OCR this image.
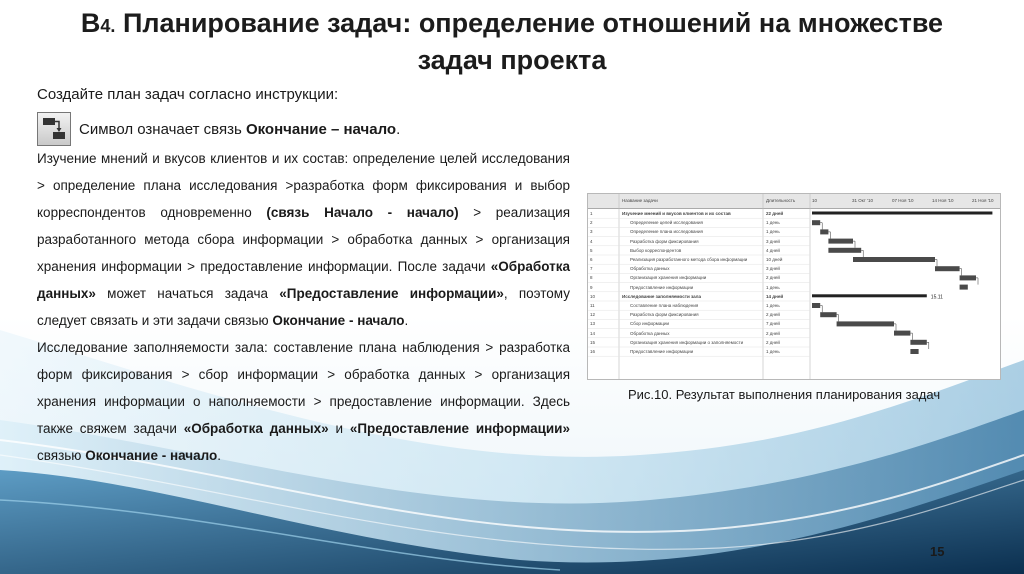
В4. Планирование задач: определение отношений на множестве задач проекта
Создайте план задач согласно инструкции:
Символ означает связь Окончание – начало.

Изучение мнений и вкусов клиентов и их состав: определение целей исследования > определение плана исследования >разработка форм фиксирования и выбор корреспондентов одновременно (связь Начало - начало) > реализация разработанного метода сбора информации > обработка данных > организация хранения информации > предоставление информации. После задачи «Обработка данных» может начаться задача «Предоставление информации», поэтому следует связать и эти задачи связью Окончание - начало.

Исследование заполняемости зала: составление плана наблюдения > разработка форм фиксирования > сбор информации > обработка данных > организация хранения информации о наполняемости > предоставление информации. Здесь также свяжем задачи «Обработка данных» и «Предоставление информации» связью Окончание - начало.

15.11
Название задачи	Длительность	10	31 Окт '10	07 Ноя '10	14 Ноя '10	21 Ноя '10
1	Изучение мнений и вкусов клиентов и их состав	22 дней
2	Определение целей исследования	1 день
3	Определение плана исследования	1 день
4	Разработка форм фиксирования	3 дней
5	Выбор корреспондентов	4 дней
6	Реализация разработанного метода сбора информации	10 дней
7	Обработка данных	3 дней
8	Организация хранения информации	2 дней
9	Предоставление информации	1 день
10	Исследование заполняемости зала	14 дней
11	Составление плана наблюдения	1 день
12	Разработка форм фиксирования	2 дней
13	Сбор информации	7 дней
14	Обработка данных	2 дней
15	Организация хранения информации о заполняемости	2 дней
16	Предоставление информации	1 день
Рис.10. Результат выполнения планирования задач
15
